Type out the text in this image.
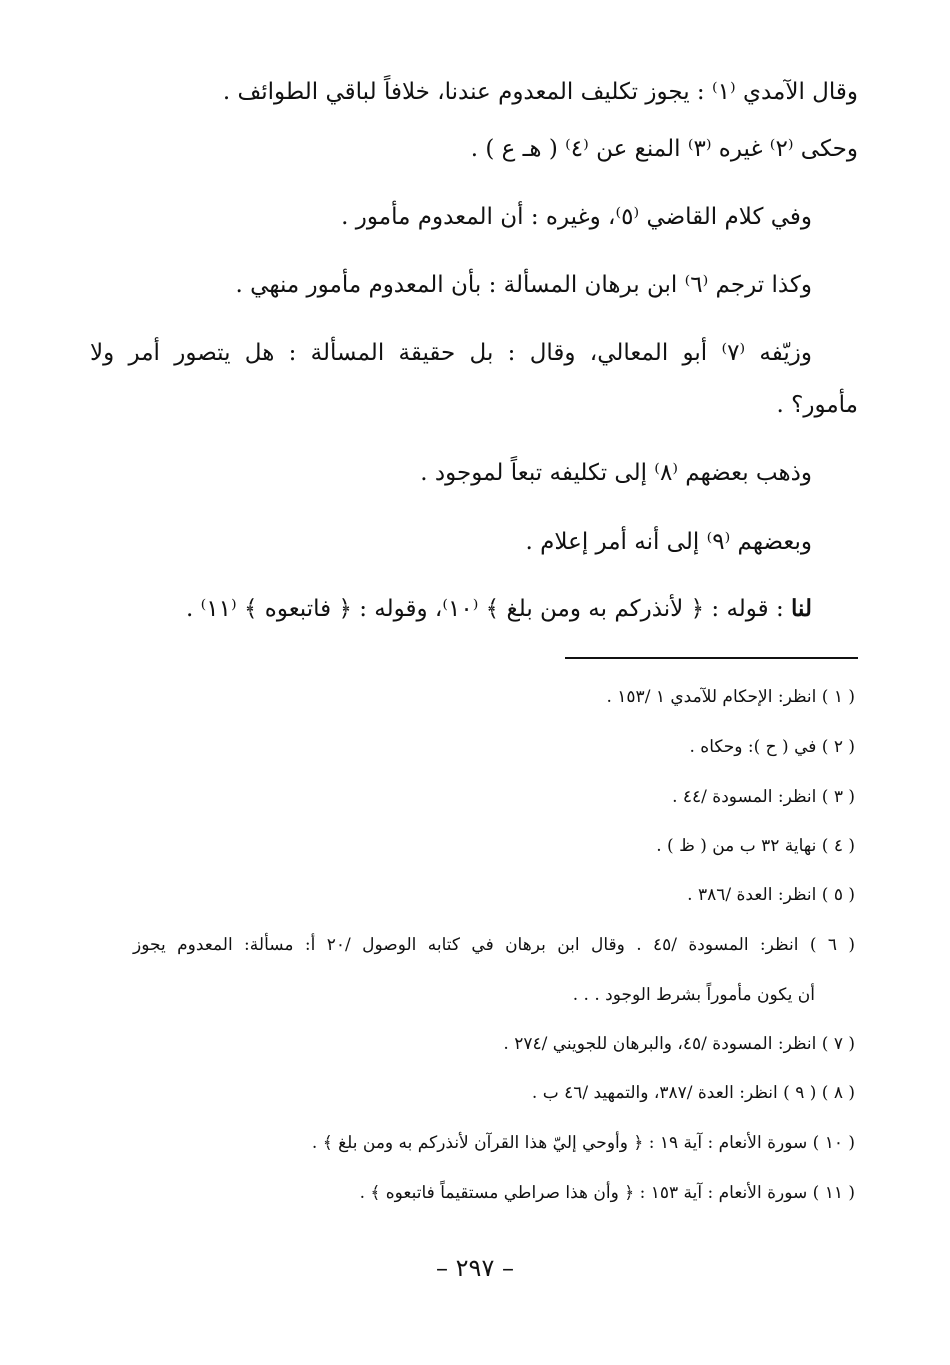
وقال الآمدي ⁽١⁾ : يجوز تكليف المعدوم عندنا، خلافاً لباقي الطوائف .
وحكى ⁽٢⁾ غيره ⁽٣⁾ المنع عن ⁽٤⁾ ( هـ ع ) .
وفي كلام القاضي ⁽٥⁾، وغيره : أن المعدوم مأمور .
وكذا ترجم ⁽٦⁾ ابن برهان المسألة : بأن المعدوم مأمور منهي .
وزيّفه ⁽٧⁾ أبو المعالي، وقال : بل حقيقة المسألة : هل يتصور أمر ولا
مأمور؟ .
وذهب بعضهم ⁽٨⁾ إلى تكليفه تبعاً لموجود .
وبعضهم ⁽٩⁾ إلى أنه أمر إعلام .
لنا : قوله : ﴿ لأنذركم به ومن بلغ ﴾ ⁽١٠⁾، وقوله : ﴿ فاتبعوه ﴾ ⁽١١⁾ .
( ١ ) انظر: الإحكام للآمدي ١ /١٥٣ .
( ٢ ) في ( ح ): وحكاه .
( ٣ ) انظر: المسودة /٤٤ .
( ٤ ) نهاية ٣٢ ب من ( ظ ) .
( ٥ ) انظر: العدة /٣٨٦ .
( ٦ ) انظر: المسودة /٤٥ . وقال ابن برهان في كتابه الوصول /٢٠ أ: مسألة: المعدوم يجوز
أن يكون مأموراً بشرط الوجود . . .
( ٧ ) انظر: المسودة /٤٥، والبرهان للجويني /٢٧٤ .
( ٨ ) ( ٩ ) انظر: العدة /٣٨٧، والتمهيد /٤٦ ب .
( ١٠ ) سورة الأنعام : آية ١٩ : ﴿ وأوحي إليّ هذا القرآن لأنذركم به ومن بلغ ﴾ .
( ١١ ) سورة الأنعام : آية ١٥٣ : ﴿ وأن هذا صراطي مستقيماً فاتبعوه ﴾ .
– ٢٩٧ –
